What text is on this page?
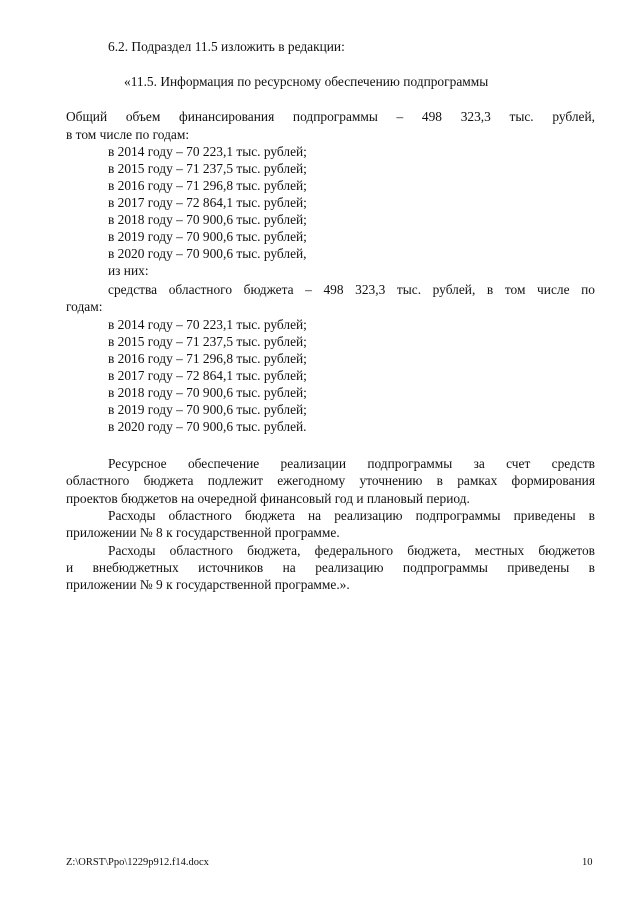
6.2. Подраздел 11.5 изложить в редакции:
«11.5. Информация по ресурсному обеспечению подпрограммы
Общий объем финансирования подпрограммы – 498 323,3 тыс. рублей,
в том числе по годам:
в 2014 году – 70 223,1 тыс. рублей;
в 2015 году – 71 237,5 тыс. рублей;
в 2016 году – 71 296,8 тыс. рублей;
в 2017 году – 72 864,1 тыс. рублей;
в 2018 году – 70 900,6 тыс. рублей;
в 2019 году – 70 900,6 тыс. рублей;
в 2020 году – 70 900,6 тыс. рублей,
из них:
средства областного бюджета – 498 323,3 тыс. рублей, в том числе по
годам:
в 2014 году – 70 223,1 тыс. рублей;
в 2015 году – 71 237,5 тыс. рублей;
в 2016 году – 71 296,8 тыс. рублей;
в 2017 году – 72 864,1 тыс. рублей;
в 2018 году – 70 900,6 тыс. рублей;
в 2019 году – 70 900,6 тыс. рублей;
в 2020 году – 70 900,6 тыс. рублей.
Ресурсное обеспечение реализации подпрограммы за счет средств
областного бюджета подлежит ежегодному уточнению в рамках формирования
проектов бюджетов на очередной финансовый год и плановый период.
Расходы областного бюджета на реализацию подпрограммы приведены в
приложении № 8 к государственной программе.
Расходы областного бюджета, федерального бюджета, местных бюджетов
и внебюджетных источников на реализацию подпрограммы приведены в
приложении № 9 к государственной программе.».
Z:\ORST\Ppo\1229p912.f14.docx	10
